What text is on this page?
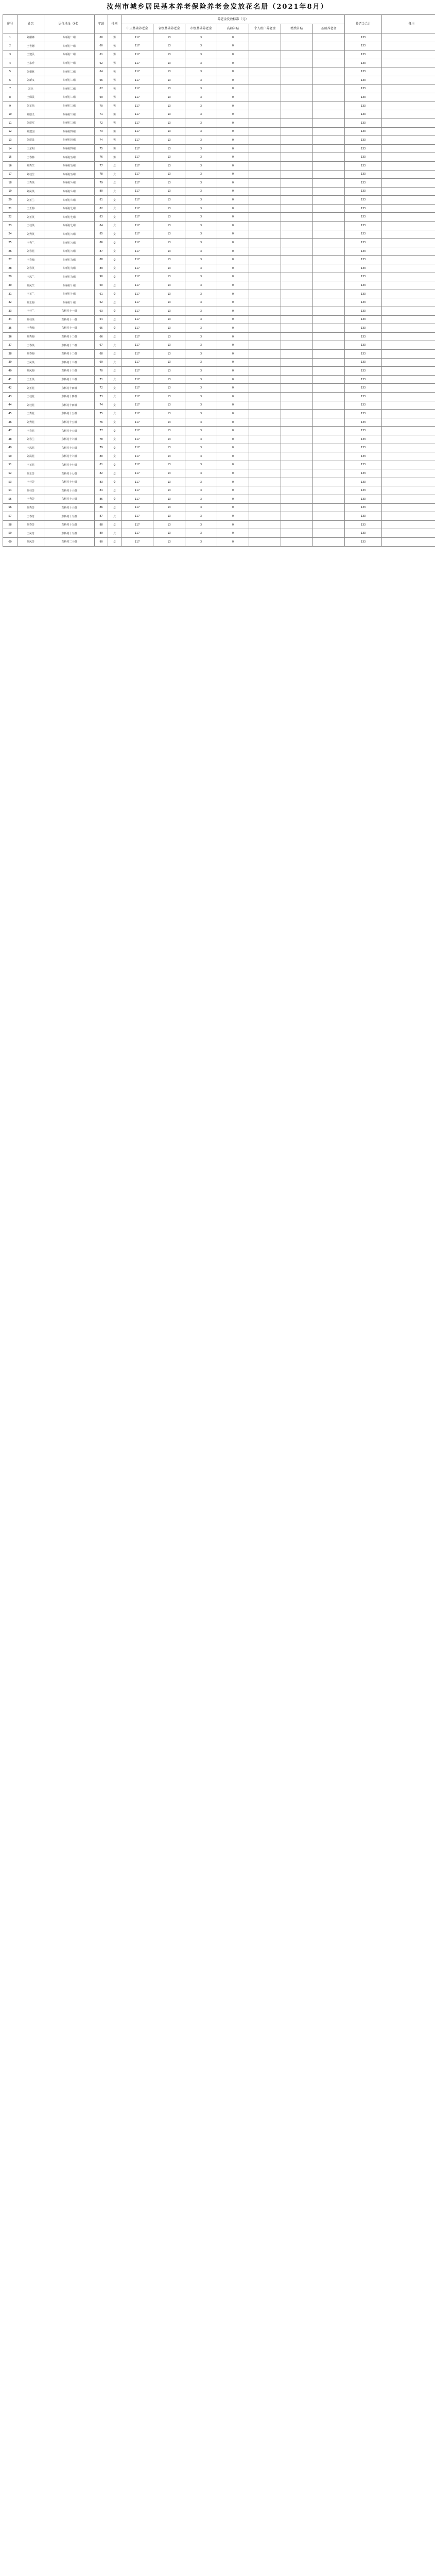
汝州市城乡居民基本养老保险养老金发放花名册（2021年8月）
序号	姓名	居住地址（村）	年龄	性别	养老金发放标准（元）							养老金合计	备注
					中央基础养老金	省级基础养老金	市级基础养老金	高龄补贴	个人账户养老金	缴费补贴	基础养老金		
1	刘耀锋	东桥村一组	60	男	117	13	3	0				133	
2	王世德	东桥村一组	60	男	117	13	3	0				133	
3	王建民	东桥村一组	61	男	117	13	3	0				133	
4	王东升	东桥村一组	62	男	117	13	3	0				133	
5	刘根林	东桥村二组	64	男	117	13	3	0				133	
6	刘新义	东桥村二组	66	男	117	13	3	0				133	
7	刘克	东桥村二组	67	男	117	13	3	0				133	
8	王保民	东桥村二组	69	男	117	13	3	0				133	
9	刘正伟	东桥村三组	70	男	117	13	3	0				133	
10	刘德义	东桥村三组	71	男	117	13	3	0				133	
11	刘建军	东桥村三组	72	男	117	13	3	0				133	
12	刘建国	东桥村四组	73	男	117	13	3	0				133	
13	刘建民	东桥村四组	74	男	117	13	3	0				133	
14	王东明	东桥村四组	75	男	117	13	3	0				133	
15	王春林	东桥村五组	76	男	117	13	3	0				133	
16	刘秀兰	东桥村五组	77	女	117	13	3	0				133	
17	刘桂兰	东桥村五组	78	女	117	13	3	0				133	
18	王秀英	东桥村六组	79	女	117	13	3	0				133	
19	刘凤英	东桥村六组	80	女	117	13	3	0				133	
20	刘玉兰	东桥村六组	81	女	117	13	3	0				133	
21	王玉梅	东桥村七组	82	女	117	13	3	0				133	
22	刘玉英	东桥村七组	83	女	117	13	3	0				133	
23	王桂英	东桥村七组	84	女	117	13	3	0				133	
24	刘秀英	东桥村八组	85	女	117	13	3	0				133	
25	王秀兰	东桥村八组	86	女	117	13	3	0				133	
26	刘春花	东桥村八组	87	女	117	13	3	0				133	
27	王春梅	东桥村九组	88	女	117	13	3	0				133	
28	刘春英	东桥村九组	89	女	117	13	3	0				133	
29	王凤兰	东桥村九组	90	女	117	13	3	0				133	
30	刘凤兰	东桥村十组	60	女	117	13	3	0				133	
31	王玉兰	东桥村十组	61	女	117	13	3	0				133	
32	刘玉梅	东桥村十组	62	女	117	13	3	0				133	
33	王桂兰	东桥村十一组	63	女	117	13	3	0				133	
34	刘桂英	东桥村十一组	64	女	117	13	3	0				133	
35	王秀梅	东桥村十一组	65	女	117	13	3	0				133	
36	刘秀梅	东桥村十二组	66	女	117	13	3	0				133	
37	王春英	东桥村十二组	67	女	117	13	3	0				133	
38	刘春梅	东桥村十二组	68	女	117	13	3	0				133	
39	王凤英	东桥村十三组	69	女	117	13	3	0				133	
40	刘凤梅	东桥村十三组	70	女	117	13	3	0				133	
41	王玉英	东桥村十三组	71	女	117	13	3	0				133	
42	刘玉花	东桥村十四组	72	女	117	13	3	0				133	
43	王桂花	东桥村十四组	73	女	117	13	3	0				133	
44	刘桂花	东桥村十四组	74	女	117	13	3	0				133	
45	王秀花	东桥村十五组	75	女	117	13	3	0				133	
46	刘秀花	东桥村十五组	76	女	117	13	3	0				133	
47	王春花	东桥村十五组	77	女	117	13	3	0				133	
48	刘春兰	东桥村十六组	78	女	117	13	3	0				133	
49	王凤花	东桥村十六组	79	女	117	13	3	0				133	
50	刘凤花	东桥村十六组	80	女	117	13	3	0				133	
51	王玉花	东桥村十七组	81	女	117	13	3	0				133	
52	刘玉芳	东桥村十七组	82	女	117	13	3	0				133	
53	王桂芳	东桥村十七组	83	女	117	13	3	0				133	
54	刘桂芳	东桥村十八组	84	女	117	13	3	0				133	
55	王秀芳	东桥村十八组	85	女	117	13	3	0				133	
56	刘秀芳	东桥村十八组	86	女	117	13	3	0				133	
57	王春芳	东桥村十九组	87	女	117	13	3	0				133	
58	刘春芳	东桥村十九组	88	女	117	13	3	0				133	
59	王凤芳	东桥村十九组	89	女	117	13	3	0				133	
60	刘凤芳	东桥村二十组	90	女	117	13	3	0				133	
